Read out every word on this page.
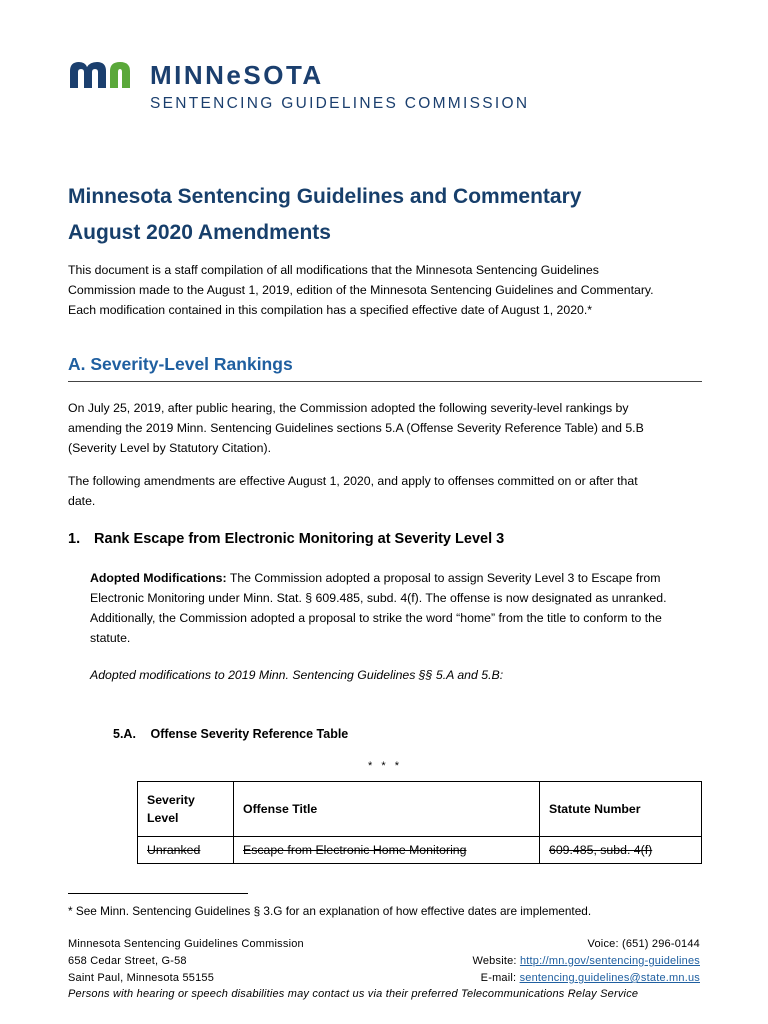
MINNeSOTA
SENTENCING GUIDELINES COMMISSION
Minnesota Sentencing Guidelines and Commentary
August 2020 Amendments

This document is a staff compilation of all modifications that the Minnesota Sentencing Guidelines
Commission made to the August 1, 2019, edition of the Minnesota Sentencing Guidelines and Commentary.
Each modification contained in this compilation has a specified effective date of August 1, 2020.*

A. Severity-Level Rankings

On July 25, 2019, after public hearing, the Commission adopted the following severity-level rankings by
amending the 2019 Minn. Sentencing Guidelines sections 5.A (Offense Severity Reference Table) and 5.B
(Severity Level by Statutory Citation).

The following amendments are effective August 1, 2020, and apply to offenses committed on or after that
date.

1. Rank Escape from Electronic Monitoring at Severity Level 3

Adopted Modifications: The Commission adopted a proposal to assign Severity Level 3 to Escape from Electronic Monitoring under Minn. Stat. § 609.485, subd. 4(f). The offense is now designated as unranked. Additionally, the Commission adopted a proposal to strike the word “home” from the title to conform to the statute.

Adopted modifications to 2019 Minn. Sentencing Guidelines §§ 5.A and 5.B:

5.A. Offense Severity Reference Table
* * *
Severity Level	Offense Title	Statute Number
Unranked	Escape from Electronic Home Monitoring	609.485, subd. 4(f)

* See Minn. Sentencing Guidelines § 3.G for an explanation of how effective dates are implemented.

Minnesota Sentencing Guidelines Commission
658 Cedar Street, G-58
Saint Paul, Minnesota 55155
Voice: (651) 296-0144
Website: http://mn.gov/sentencing-guidelines
E-mail: sentencing.guidelines@state.mn.us
Persons with hearing or speech disabilities may contact us via their preferred Telecommunications Relay Service
